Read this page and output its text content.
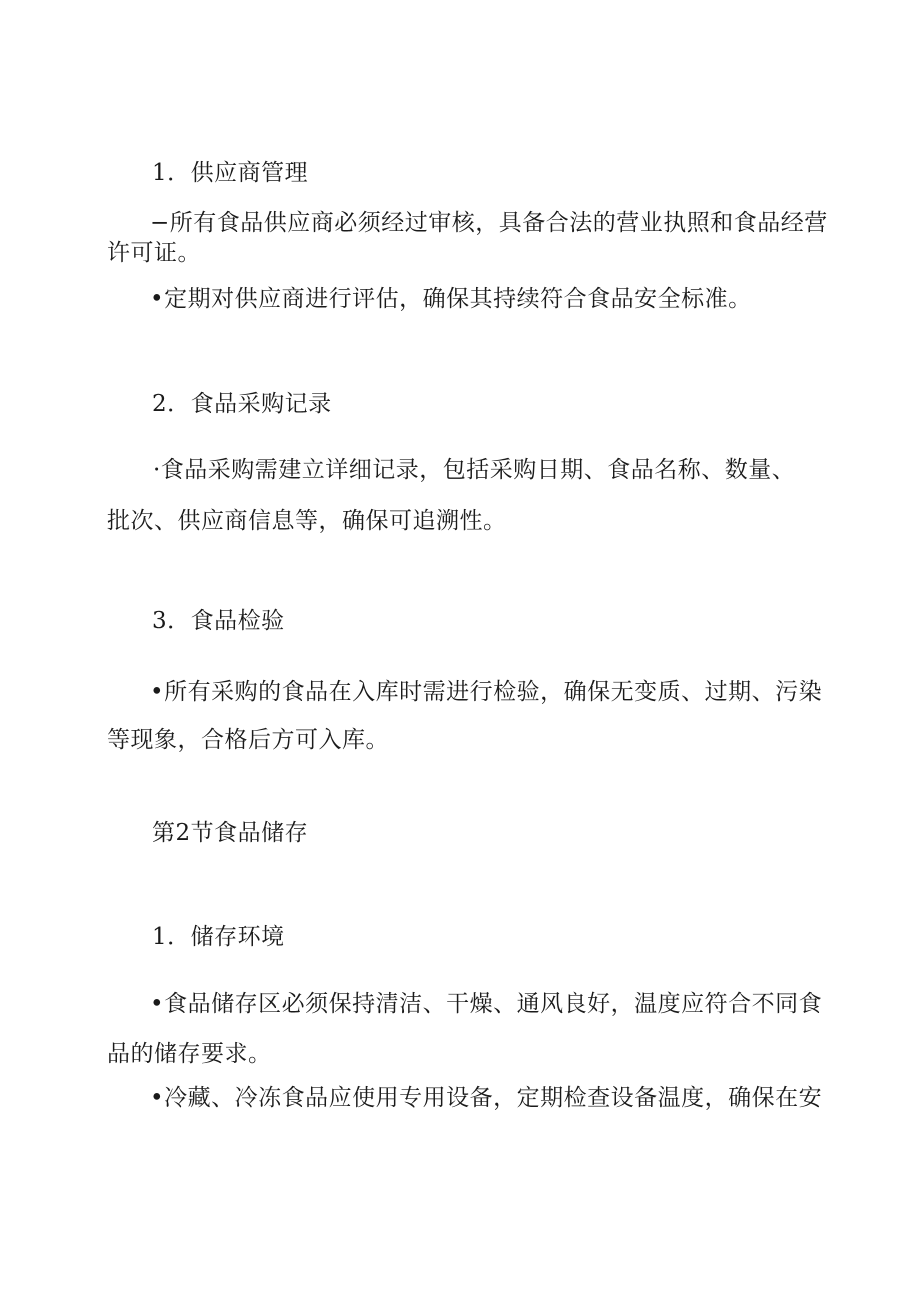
1．供应商管理
−所有食品供应商必须经过审核，具备合法的营业执照和食品经营
许可证。
•定期对供应商进行评估，确保其持续符合食品安全标准。
2．食品采购记录
·食品采购需建立详细记录，包括采购日期、食品名称、数量、
批次、供应商信息等，确保可追溯性。
3．食品检验
•所有采购的食品在入库时需进行检验，确保无变质、过期、污染
等现象，合格后方可入库。
第2节食品储存
1．储存环境
•食品储存区必须保持清洁、干燥、通风良好，温度应符合不同食
品的储存要求。
•冷藏、冷冻食品应使用专用设备，定期检查设备温度，确保在安
